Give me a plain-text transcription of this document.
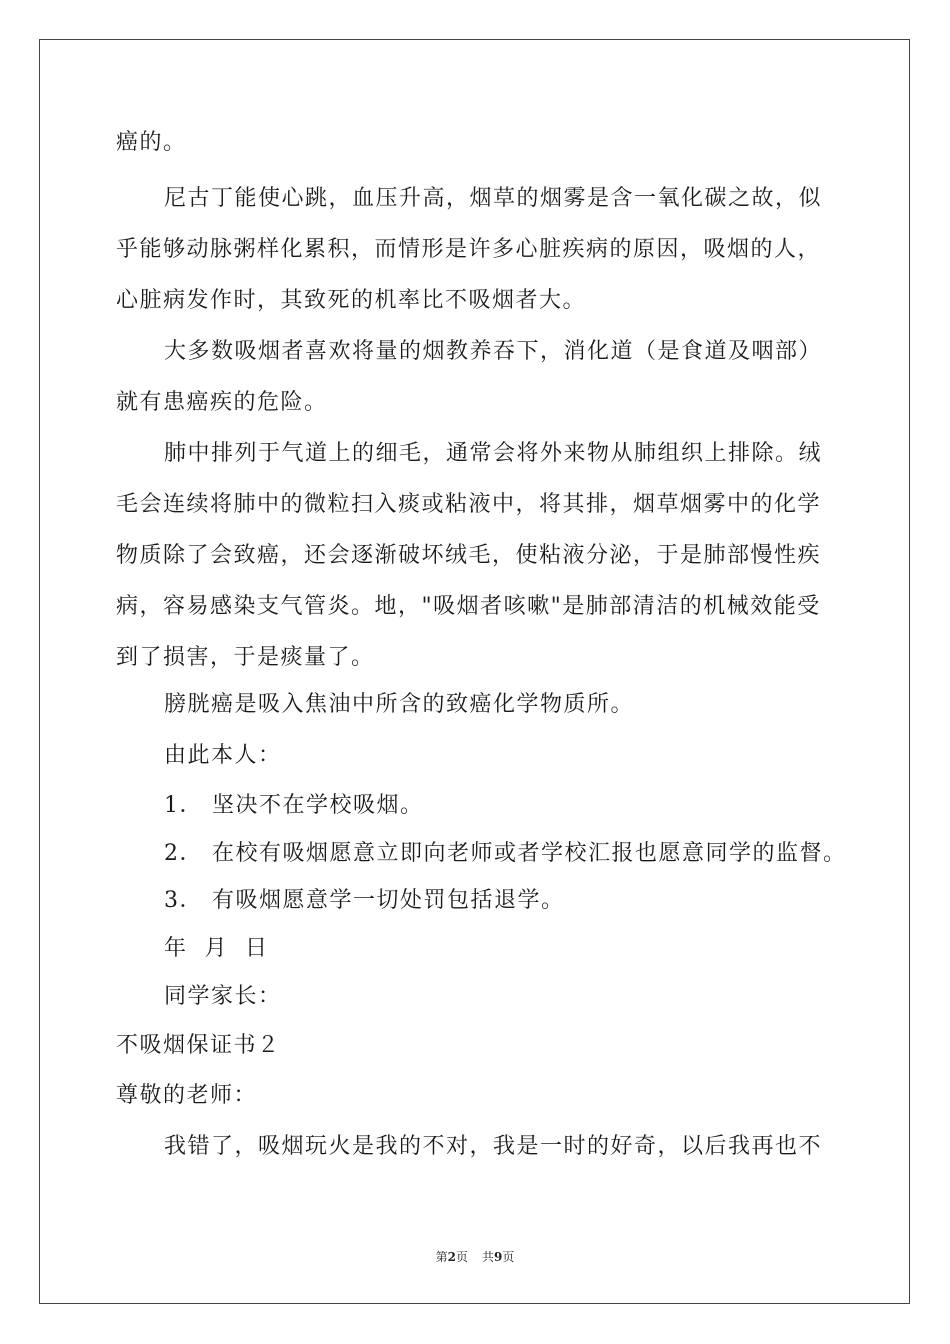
癌的。
尼古丁能使心跳，血压升高，烟草的烟雾是含一氧化碳之故，似
乎能够动脉粥样化累积，而情形是许多心脏疾病的原因，吸烟的人，
心脏病发作时，其致死的机率比不吸烟者大。
大多数吸烟者喜欢将量的烟教养吞下，消化道（是食道及咽部）
就有患癌疾的危险。
肺中排列于气道上的细毛，通常会将外来物从肺组织上排除。绒
毛会连续将肺中的微粒扫入痰或粘液中，将其排，烟草烟雾中的化学
物质除了会致癌，还会逐渐破坏绒毛，使粘液分泌，于是肺部慢性疾
病，容易感染支气管炎。地，"吸烟者咳嗽"是肺部清洁的机械效能受
到了损害，于是痰量了。
膀胱癌是吸入焦油中所含的致癌化学物质所。
由此本人：
1． 坚决不在学校吸烟。
2． 在校有吸烟愿意立即向老师或者学校汇报也愿意同学的监督。
3． 有吸烟愿意学一切处罚包括退学。
年  月  日
同学家长：
不吸烟保证书２
尊敬的老师：
我错了，吸烟玩火是我的不对，我是一时的好奇，以后我再也不
第2页 共9页
